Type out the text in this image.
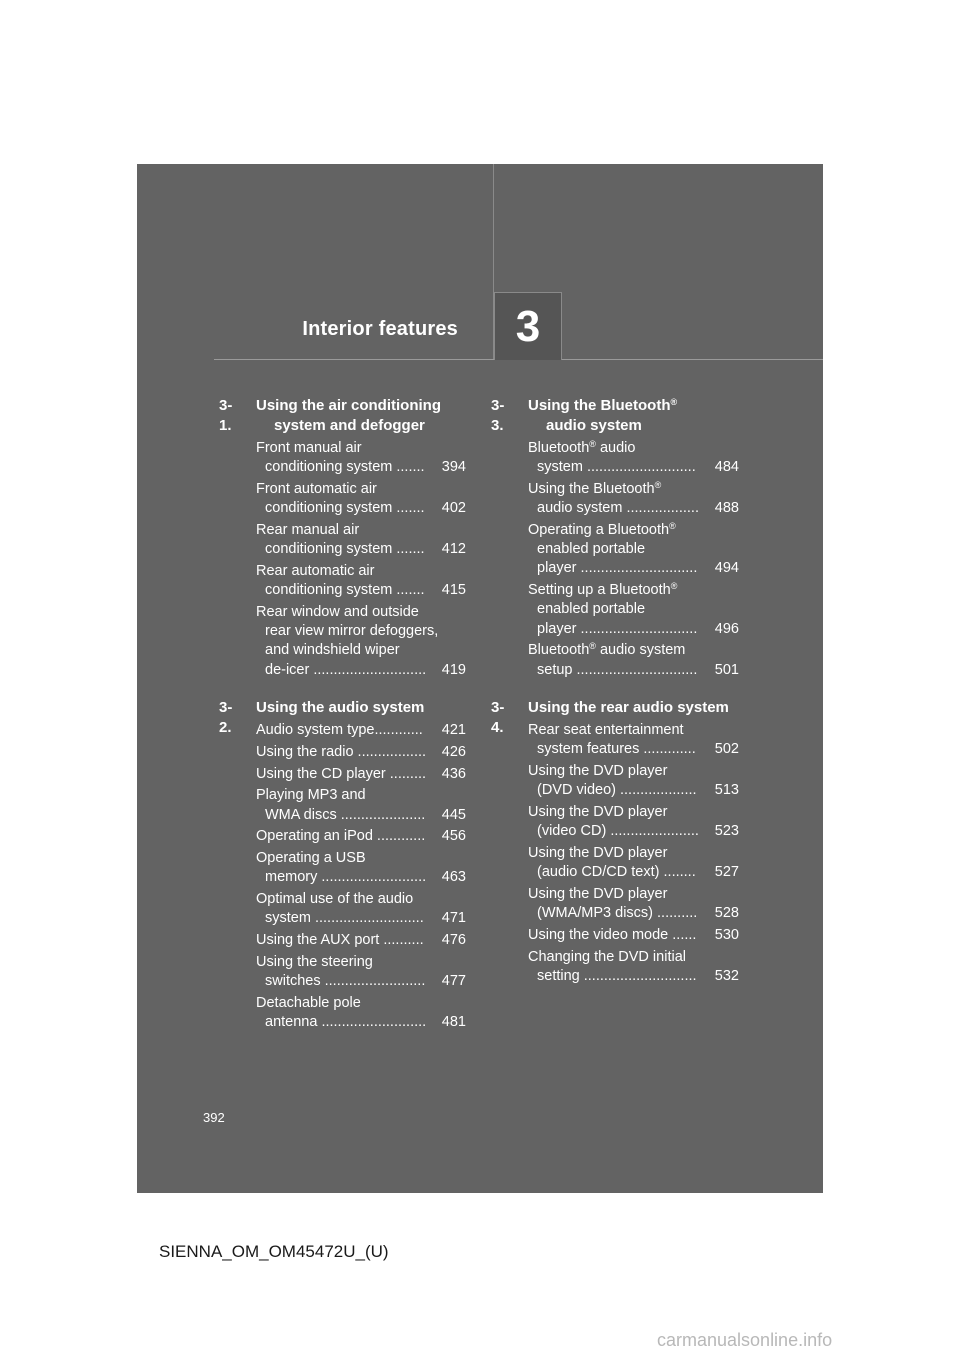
Interior features	3
3-1.
Using the air conditioning
system and defogger
Front manual air
conditioning system ....... 394
Front automatic air
conditioning system ....... 402
Rear manual air
conditioning system ....... 412
Rear automatic air
conditioning system ....... 415
Rear window and outside
rear view mirror defoggers,
and windshield wiper
de-icer ............................ 419
3-2.
Using the audio system
Audio system type............ 421
Using the radio ................. 426
Using the CD player ......... 436
Playing MP3 and
WMA discs ..................... 445
Operating an iPod ............ 456
Operating a USB
memory .......................... 463
Optimal use of the audio
system ........................... 471
Using the AUX port .......... 476
Using the steering
switches ......................... 477
Detachable pole
antenna .......................... 481
3-3.
Using the Bluetooth®
audio system
Bluetooth® audio
system ........................... 484
Using the Bluetooth®
audio system .................. 488
Operating a Bluetooth®
enabled portable
player ............................. 494
Setting up a Bluetooth®
enabled portable
player ............................. 496
Bluetooth® audio system
setup .............................. 501
3-4.
Using the rear audio system
Rear seat entertainment
system features ............. 502
Using the DVD player
(DVD video) ................... 513
Using the DVD player
(video CD) ...................... 523
Using the DVD player
(audio CD/CD text) ........ 527
Using the DVD player
(WMA/MP3 discs) .......... 528
Using the video mode ...... 530
Changing the DVD initial
setting ............................ 532
392
SIENNA_OM_OM45472U_(U)
carmanualsonline.info
